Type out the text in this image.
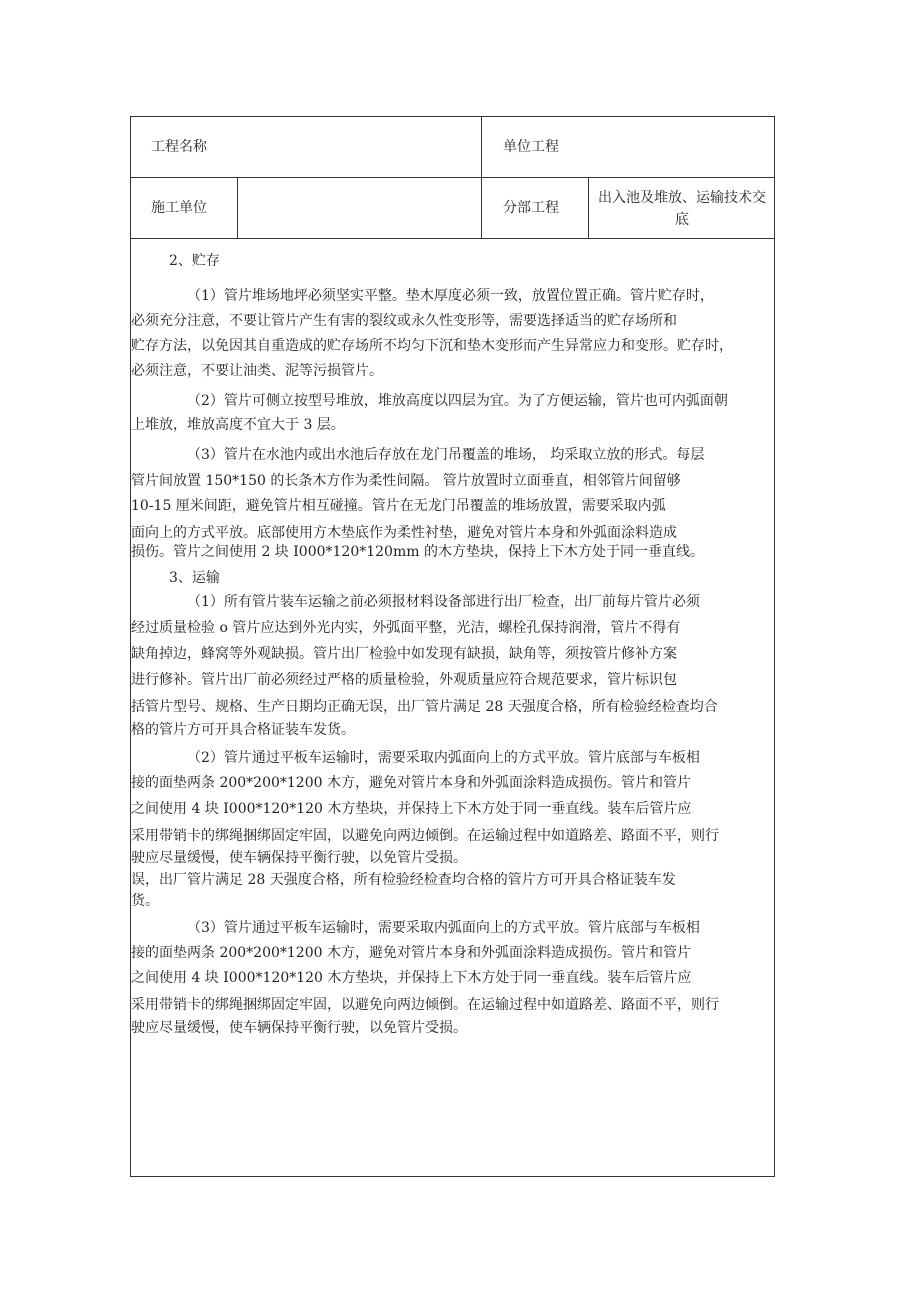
工程名称	单位工程
施工单位	分部工程
出入池及堆放、运输技术交
底
2、贮存
（1）管片堆场地坪必须坚实平整。垫木厚度必须一致，放置位置正确。管片贮存时，
必须充分注意，不要让管片产生有害的裂纹或永久性变形等，需要选择适当的贮存场所和
贮存方法，以免因其自重造成的贮存场所不均匀下沉和垫木变形而产生异常应力和变形。贮存时，
必须注意，不要让油类、泥等污损管片。
（2）管片可侧立按型号堆放，堆放高度以四层为宜。为了方便运输，管片也可内弧面朝
上堆放，堆放高度不宜大于 3 层。
（3）管片在水池内或出水池后存放在龙门吊覆盖的堆场， 均采取立放的形式。每层
管片间放置 150*150 的长条木方作为柔性间隔。 管片放置时立面垂直，相邻管片间留够
10-15 厘米间距，避免管片相互碰撞。管片在无龙门吊覆盖的堆场放置，需要采取内弧
面向上的方式平放。底部使用方木垫底作为柔性衬垫，避免对管片本身和外弧面涂料造成
损伤。管片之间使用 2 块 I000*120*120mm 的木方垫块，保持上下木方处于同一垂直线。
3、运输
（1）所有管片装车运输之前必须报材料设备部进行出厂检查，出厂前每片管片必须
经过质量检验 o 管片应达到外光内实，外弧面平整，光洁，螺栓孔保持润滑，管片不得有
缺角掉边，蜂窝等外观缺损。管片出厂检验中如发现有缺损，缺角等，须按管片修补方案
进行修补。管片出厂前必须经过严格的质量检验，外观质量应符合规范要求，管片标识包
括管片型号、规格、生产日期均正确无误，出厂管片满足 28 天强度合格，所有检验经检查均合
格的管片方可开具合格证装车发货。
（2）管片通过平板车运输时，需要采取内弧面向上的方式平放。管片底部与车板相
接的面垫两条 200*200*1200 木方，避免对管片本身和外弧面涂料造成损伤。管片和管片
之间使用 4 块 I000*120*120 木方垫块，并保持上下木方处于同一垂直线。装车后管片应
采用带销卡的绑绳捆绑固定牢固，以避免向两边倾倒。在运输过程中如道路差、路面不平，则行
驶应尽量缓慢，使车辆保持平衡行驶，以免管片受损。
误，出厂管片满足 28 天强度合格，所有检验经检查均合格的管片方可开具合格证装车发
货。
（3）管片通过平板车运输时，需要采取内弧面向上的方式平放。管片底部与车板相
接的面垫两条 200*200*1200 木方，避免对管片本身和外弧面涂料造成损伤。管片和管片
之间使用 4 块 I000*120*120 木方垫块，并保持上下木方处于同一垂直线。装车后管片应
采用带销卡的绑绳捆绑固定牢固，以避免向两边倾倒。在运输过程中如道路差、路面不平，则行
驶应尽量缓慢，使车辆保持平衡行驶，以免管片受损。
